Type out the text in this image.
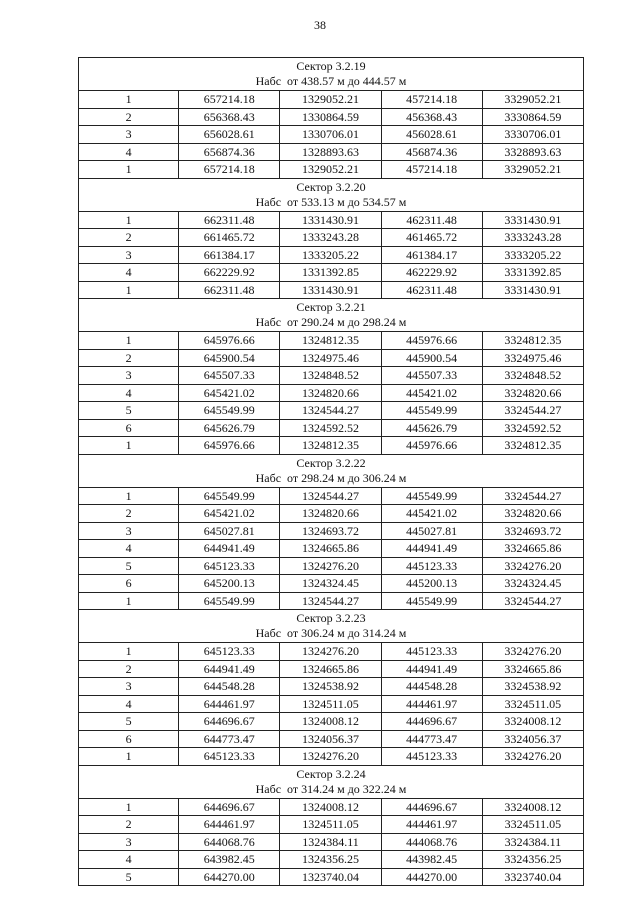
38
Сектор 3.2.19
Набс  от 438.57 м до 444.57 м				

1	657214.18	1329052.21	457214.18	3329052.21
2	656368.43	1330864.59	456368.43	3330864.59
3	656028.61	1330706.01	456028.61	3330706.01
4	656874.36	1328893.63	456874.36	3328893.63
1	657214.18	1329052.21	457214.18	3329052.21

Сектор 3.2.20
Набс  от 533.13 м до 534.57 м				

1	662311.48	1331430.91	462311.48	3331430.91
2	661465.72	1333243.28	461465.72	3333243.28
3	661384.17	1333205.22	461384.17	3333205.22
4	662229.92	1331392.85	462229.92	3331392.85
1	662311.48	1331430.91	462311.48	3331430.91

Сектор 3.2.21
Набс  от 290.24 м до 298.24 м				

1	645976.66	1324812.35	445976.66	3324812.35
2	645900.54	1324975.46	445900.54	3324975.46
3	645507.33	1324848.52	445507.33	3324848.52
4	645421.02	1324820.66	445421.02	3324820.66
5	645549.99	1324544.27	445549.99	3324544.27
6	645626.79	1324592.52	445626.79	3324592.52
1	645976.66	1324812.35	445976.66	3324812.35

Сектор 3.2.22
Набс  от 298.24 м до 306.24 м				

1	645549.99	1324544.27	445549.99	3324544.27
2	645421.02	1324820.66	445421.02	3324820.66
3	645027.81	1324693.72	445027.81	3324693.72
4	644941.49	1324665.86	444941.49	3324665.86
5	645123.33	1324276.20	445123.33	3324276.20
6	645200.13	1324324.45	445200.13	3324324.45
1	645549.99	1324544.27	445549.99	3324544.27

Сектор 3.2.23
Набс  от 306.24 м до 314.24 м				

1	645123.33	1324276.20	445123.33	3324276.20
2	644941.49	1324665.86	444941.49	3324665.86
3	644548.28	1324538.92	444548.28	3324538.92
4	644461.97	1324511.05	444461.97	3324511.05
5	644696.67	1324008.12	444696.67	3324008.12
6	644773.47	1324056.37	444773.47	3324056.37
1	645123.33	1324276.20	445123.33	3324276.20

Сектор 3.2.24
Набс  от 314.24 м до 322.24 м				

1	644696.67	1324008.12	444696.67	3324008.12
2	644461.97	1324511.05	444461.97	3324511.05
3	644068.76	1324384.11	444068.76	3324384.11
4	643982.45	1324356.25	443982.45	3324356.25
5	644270.00	1323740.04	444270.00	3323740.04
